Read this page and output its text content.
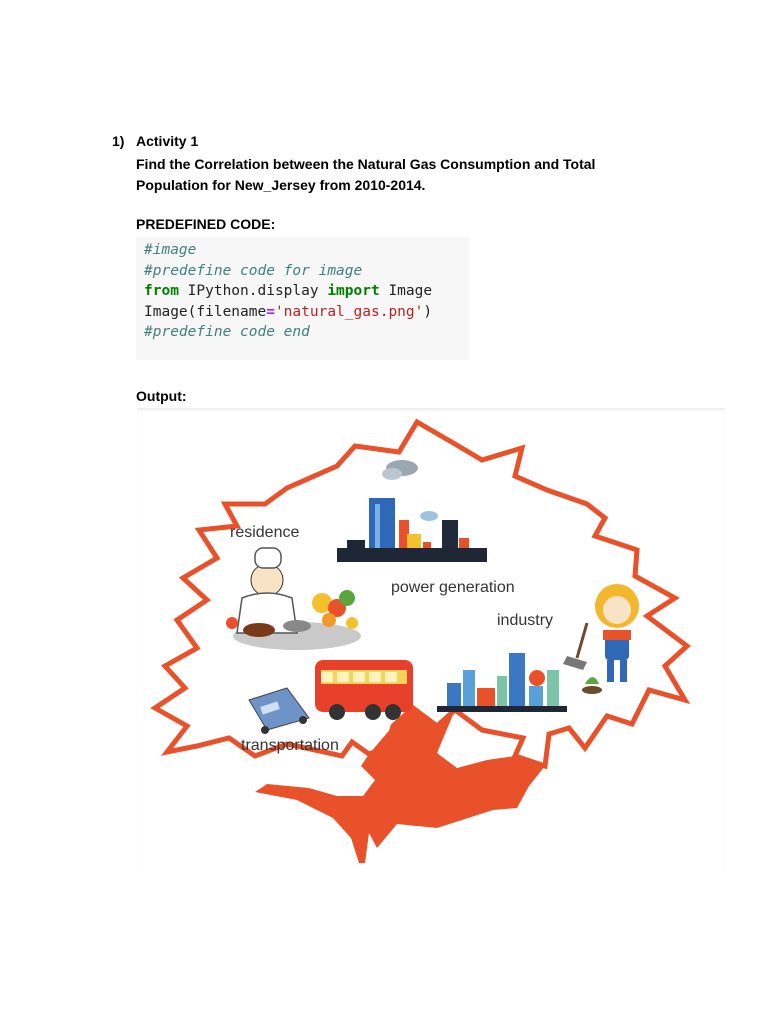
1) Activity 1
Find the Correlation between the Natural Gas Consumption and Total Population for New_Jersey from 2010-2014.
PREDEFINED CODE:
#image
#predefine code for image
from IPython.display import Image
Image(filename='natural_gas.png')
#predefine code end
Output:
residence
power generation
industry
transportation
